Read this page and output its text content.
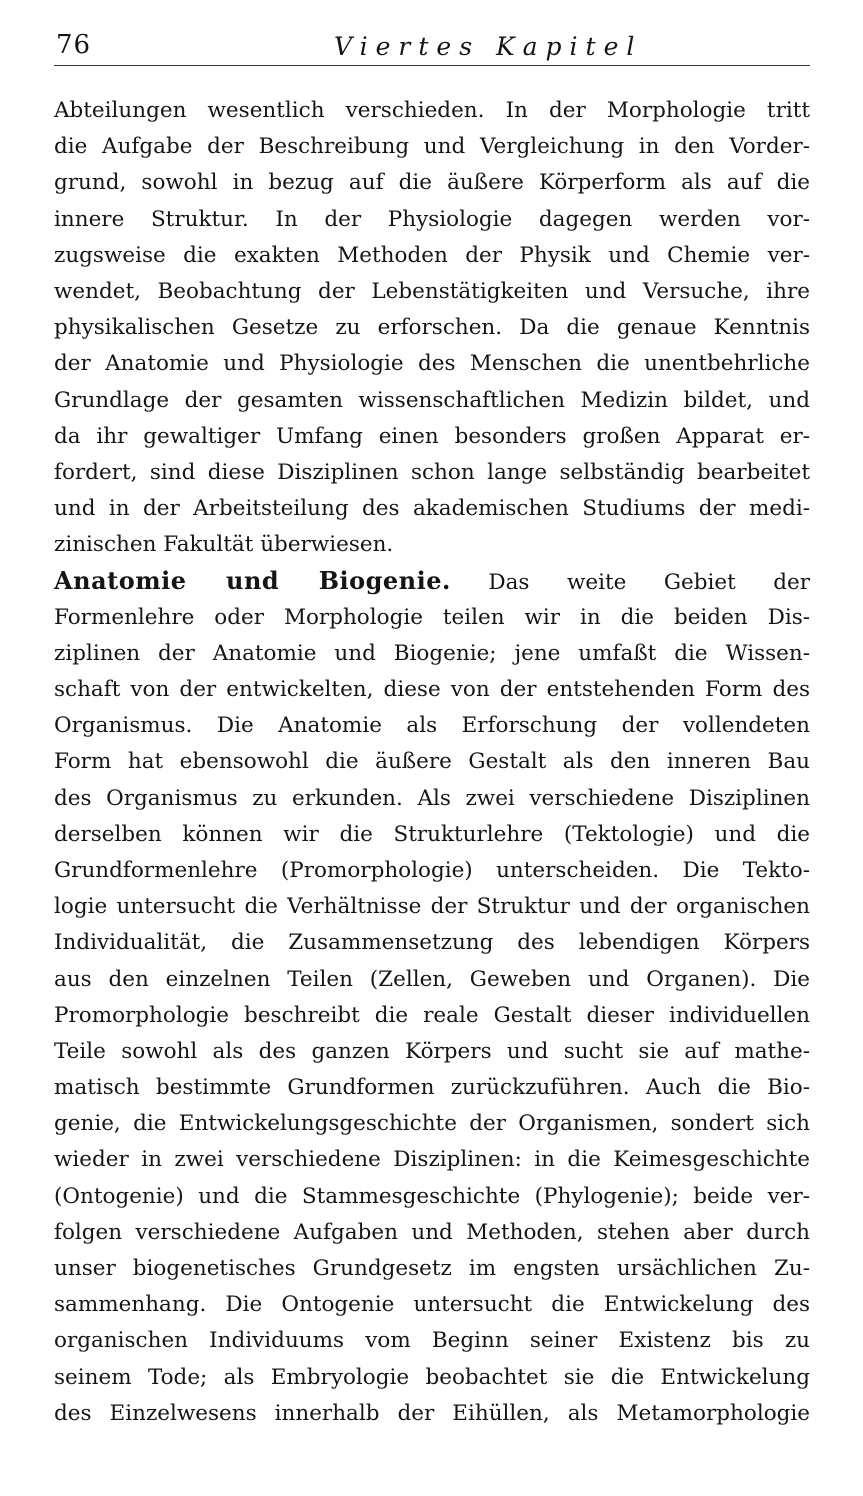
76	Viertes Kapitel
Abteilungen wesentlich verschieden. In der Morphologie tritt
die Aufgabe der Beschreibung und Vergleichung in den Vorder-
grund, sowohl in bezug auf die äußere Körperform als auf die
innere Struktur. In der Physiologie dagegen werden vor-
zugsweise die exakten Methoden der Physik und Chemie ver-
wendet, Beobachtung der Lebenstätigkeiten und Versuche, ihre
physikalischen Gesetze zu erforschen. Da die genaue Kenntnis
der Anatomie und Physiologie des Menschen die unentbehrliche
Grundlage der gesamten wissenschaftlichen Medizin bildet, und
da ihr gewaltiger Umfang einen besonders großen Apparat er-
fordert, sind diese Disziplinen schon lange selbständig bearbeitet
und in der Arbeitsteilung des akademischen Studiums der medi-
zinischen Fakultät überwiesen.
Anatomie und Biogenie. Das weite Gebiet der
Formenlehre oder Morphologie teilen wir in die beiden Dis-
ziplinen der Anatomie und Biogenie; jene umfaßt die Wissen-
schaft von der entwickelten, diese von der entstehenden Form des
Organismus. Die Anatomie als Erforschung der vollendeten
Form hat ebensowohl die äußere Gestalt als den inneren Bau
des Organismus zu erkunden. Als zwei verschiedene Disziplinen
derselben können wir die Strukturlehre (Tektologie) und die
Grundformenlehre (Promorphologie) unterscheiden. Die Tekto-
logie untersucht die Verhältnisse der Struktur und der organischen
Individualität, die Zusammensetzung des lebendigen Körpers
aus den einzelnen Teilen (Zellen, Geweben und Organen). Die
Promorphologie beschreibt die reale Gestalt dieser individuellen
Teile sowohl als des ganzen Körpers und sucht sie auf mathe-
matisch bestimmte Grundformen zurückzuführen. Auch die Bio-
genie, die Entwickelungsgeschichte der Organismen, sondert sich
wieder in zwei verschiedene Disziplinen: in die Keimesgeschichte
(Ontogenie) und die Stammesgeschichte (Phylogenie); beide ver-
folgen verschiedene Aufgaben und Methoden, stehen aber durch
unser biogenetisches Grundgesetz im engsten ursächlichen Zu-
sammenhang. Die Ontogenie untersucht die Entwickelung des
organischen Individuums vom Beginn seiner Existenz bis zu
seinem Tode; als Embryologie beobachtet sie die Entwickelung
des Einzelwesens innerhalb der Eihüllen, als Metamorphologie
